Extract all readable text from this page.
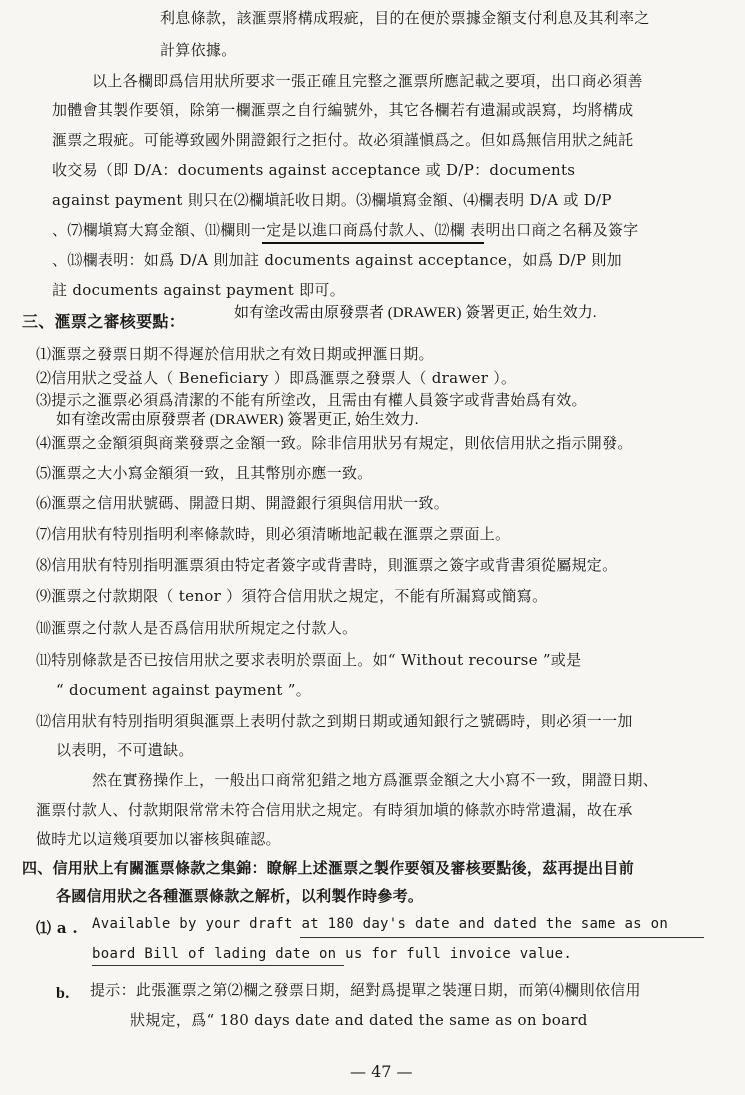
利息條款，該滙票將構成瑕疵，目的在便於票據金額支付利息及其利率之
計算依據。
以上各欄即爲信用狀所要求一張正確且完整之滙票所應記載之要項，出口商必須善
加體會其製作要領，除第一欄滙票之自行編號外，其它各欄若有遺漏或誤寫，均將構成
滙票之瑕疵。可能導致國外開證銀行之拒付。故必須謹愼爲之。但如爲無信用狀之純託
收交易（即 D/A：documents against acceptance 或 D/P：documents
against payment 則只在⑵欄塡託收日期。⑶欄塡寫金額、⑷欄表明 D/A 或 D/P
、⑺欄塡寫大寫金額、⑾欄則一定是以進口商爲付款人、⑿欄 表明出口商之名稱及簽字
、⒀欄表明：如爲 D/A 則加註 documents against acceptance，如爲 D/P 則加
註 documents against payment 即可。
三、滙票之審核要點：	如有塗改需由原發票者 (DRAWER) 簽署更正, 始生效力.
⑴滙票之發票日期不得遲於信用狀之有效日期或押滙日期。
⑵信用狀之受益人（ Beneficiary ）即爲滙票之發票人（ drawer ）。
⑶提示之滙票必須爲清潔的不能有所塗改，且需由有權人員簽字或背書始爲有效。
如有塗改需由原發票者 (DRAWER) 簽署更正, 始生效力.
⑷滙票之金額須與商業發票之金額一致。除非信用狀另有規定，則依信用狀之指示開發。
⑸滙票之大小寫金額須一致，且其幣別亦應一致。
⑹滙票之信用狀號碼、開證日期、開證銀行須與信用狀一致。
⑺信用狀有特別指明利率條款時，則必須清晰地記載在滙票之票面上。
⑻信用狀有特別指明滙票須由特定者簽字或背書時，則滙票之簽字或背書須從屬規定。
⑼滙票之付款期限（ tenor ）須符合信用狀之規定，不能有所漏寫或簡寫。
⑽滙票之付款人是否爲信用狀所規定之付款人。
⑾特別條款是否已按信用狀之要求表明於票面上。如“ Without recourse ”或是
“ document against payment ”。
⑿信用狀有特別指明須與滙票上表明付款之到期日期或通知銀行之號碼時，則必須一一加
以表明，不可遺缺。
然在實務操作上，一般出口商常犯錯之地方爲滙票金額之大小寫不一致，開證日期、
滙票付款人、付款期限常常未符合信用狀之規定。有時須加塡的條款亦時常遺漏，故在承
做時尤以這幾項要加以審核與確認。
四、信用狀上有關滙票條款之集錦：瞭解上述滙票之製作要領及審核要點後，茲再提出目前
各國信用狀之各種滙票條款之解析，以利製作時參考。
⑴ a . Available by your draft at 180 day's date and dated the same as on
board Bill of lading date on us for full invoice value.
b. 提示：此張滙票之第⑵欄之發票日期，絕對爲提單之裝運日期，而第⑷欄則依信用
狀規定，爲“ 180 days date and dated the same as on board
— 47 —
